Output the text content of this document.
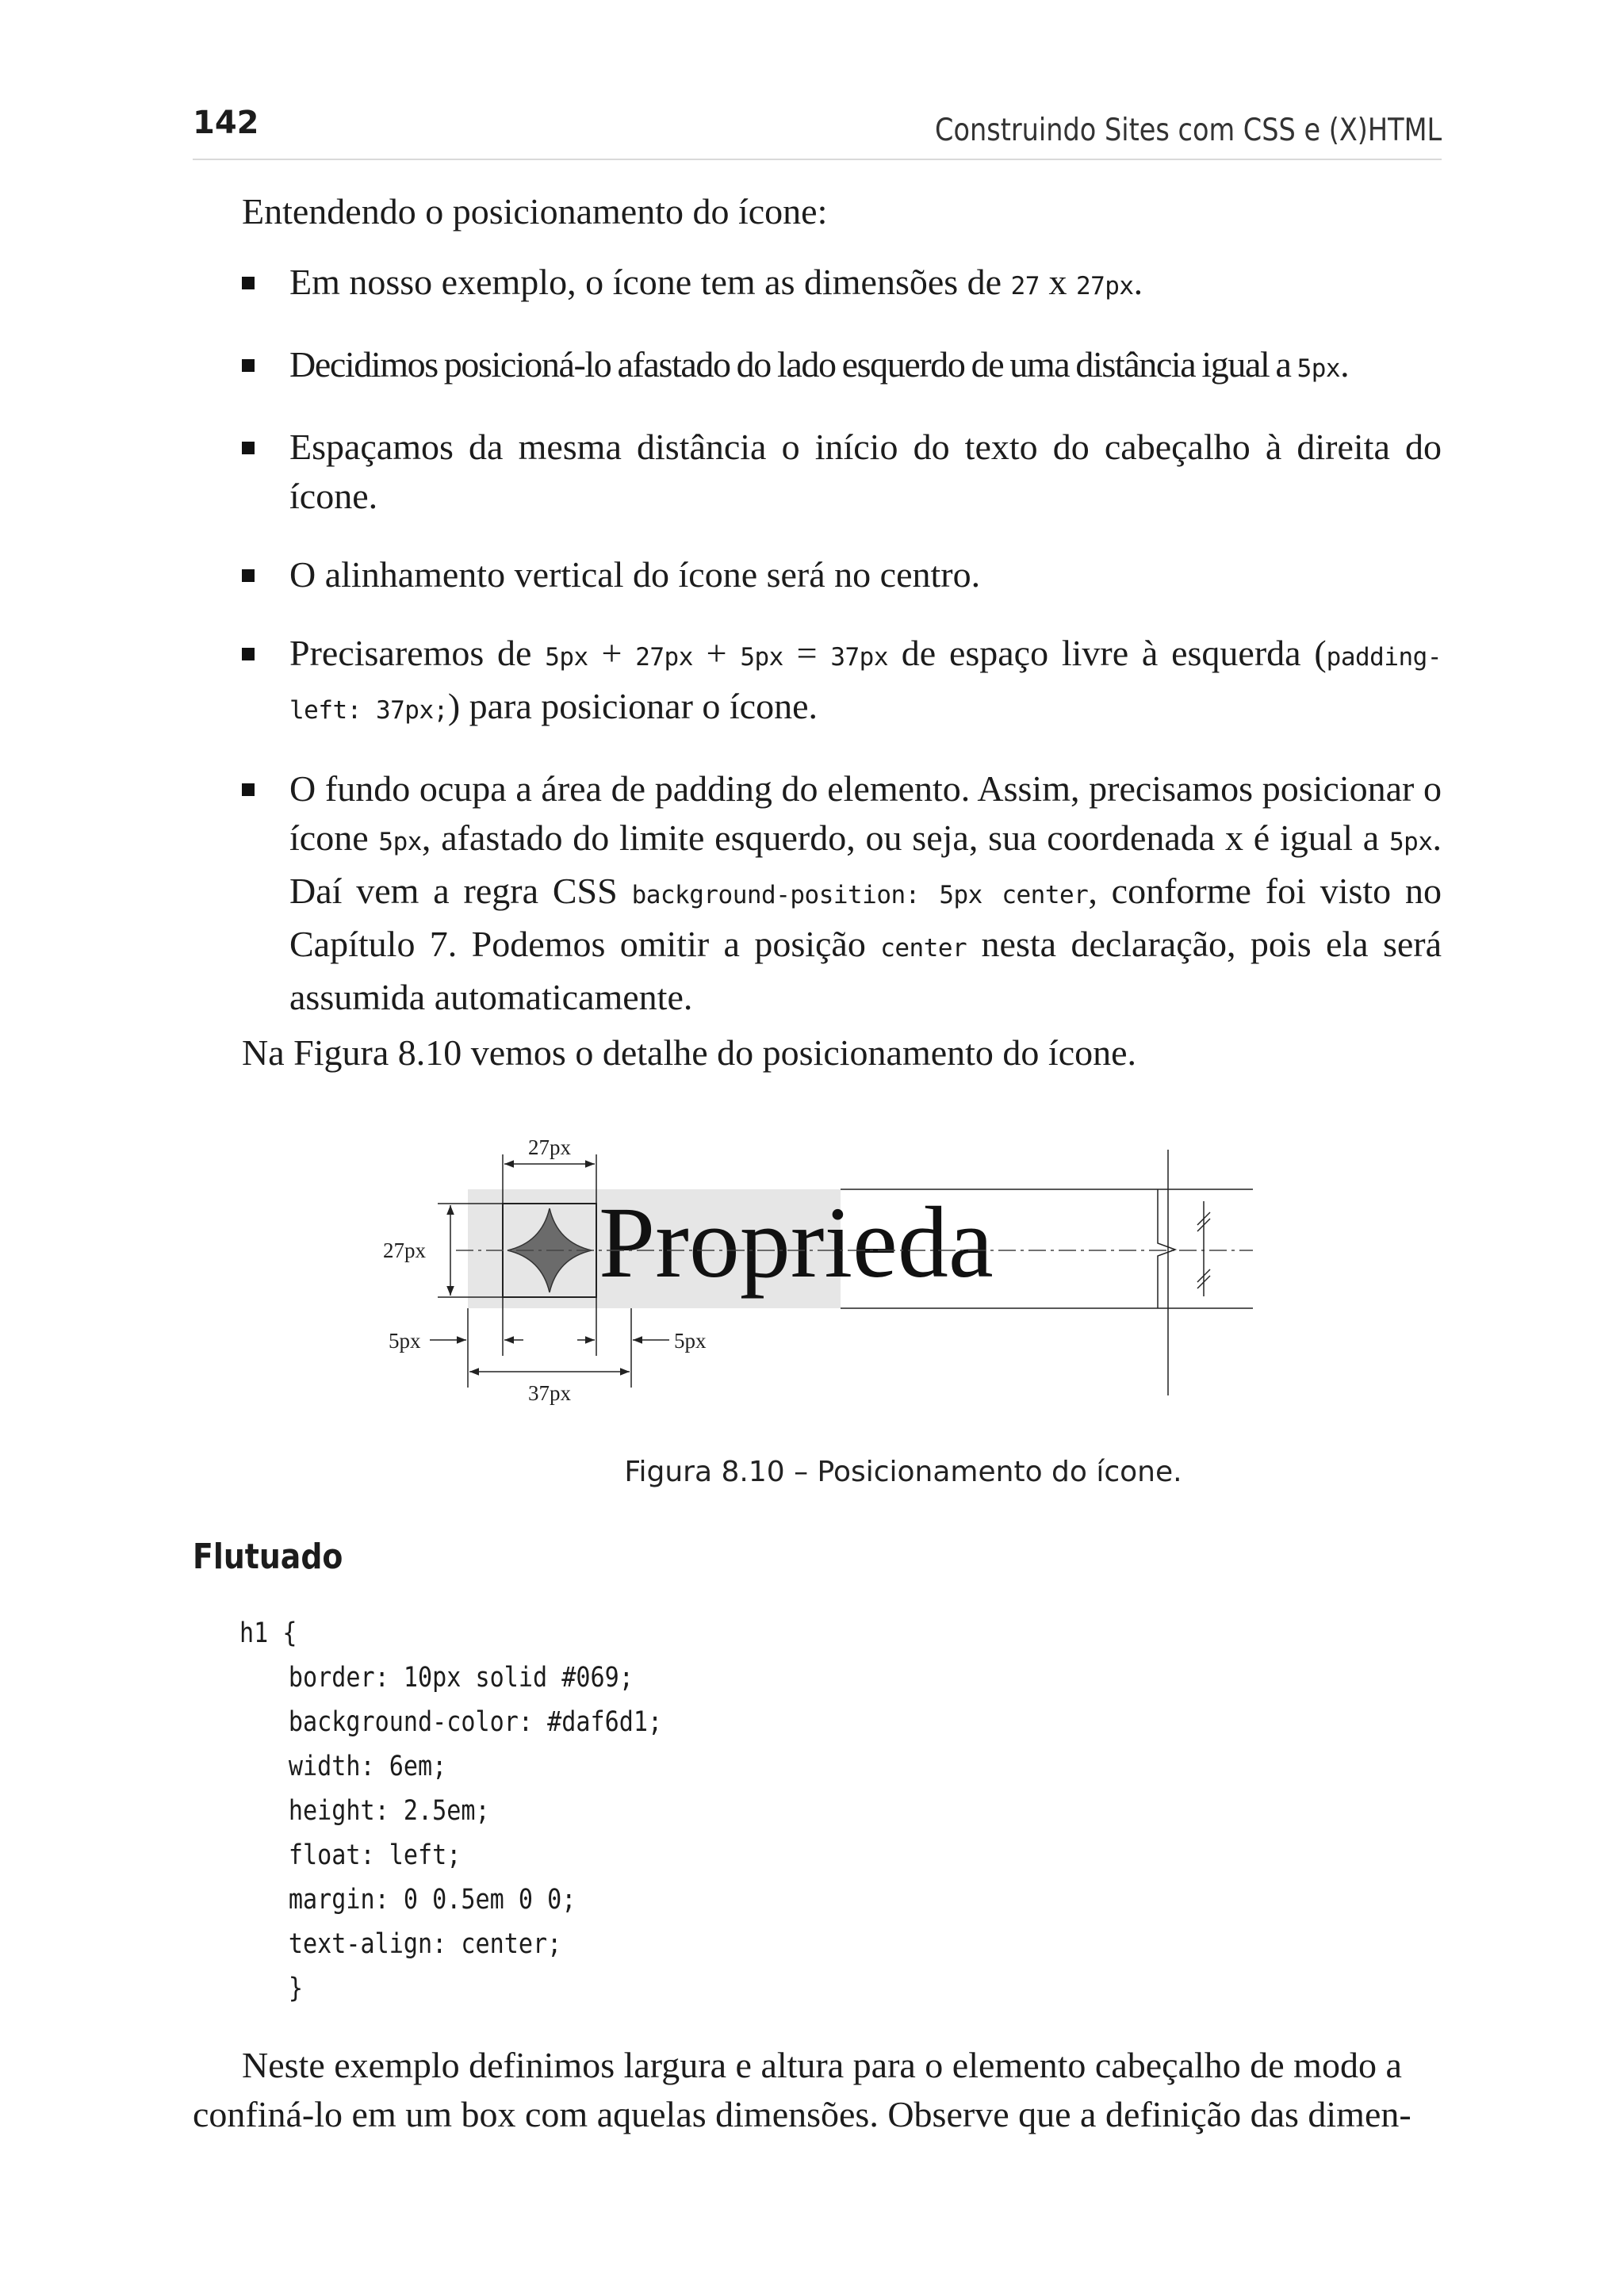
142	Construindo Sites com CSS e (X)HTML

Entendendo o posicionamento do ícone:

Em nosso exemplo, o ícone tem as dimensões de 27 x 27px.
Decidimos posicioná-lo afastado do lado esquerdo de uma distância igual a 5px.
Espaçamos da mesma distância o início do texto do cabeçalho à direita do ícone.
O alinhamento vertical do ícone será no centro.
Precisaremos de 5px + 27px + 5px = 37px de espaço livre à esquerda (padding-left: 37px;) para posicionar o ícone.
O fundo ocupa a área de padding do elemento. Assim, precisamos posicionar o ícone 5px, afastado do limite esquerdo, ou seja, sua coordenada x é igual a 5px. Daí vem a regra CSS background-position: 5px center, conforme foi visto no Capítulo 7. Podemos omitir a posição center nesta declaração, pois ela será assumida automaticamente.

Na Figura 8.10 vemos o detalhe do posicionamento do ícone.

Proprieda
27px
27px
5px	5px
37px
Figura 8.10 – Posicionamento do ícone.
Flutuado
h1 {
border: 10px solid #069;
background-color: #daf6d1;
width: 6em;
height: 2.5em;
float: left;
margin: 0 0.5em 0 0;
text-align: center;
}

Neste exemplo definimos largura e altura para o elemento cabeçalho de modo a
confiná-lo em um box com aquelas dimensões. Observe que a definição das dimen-
